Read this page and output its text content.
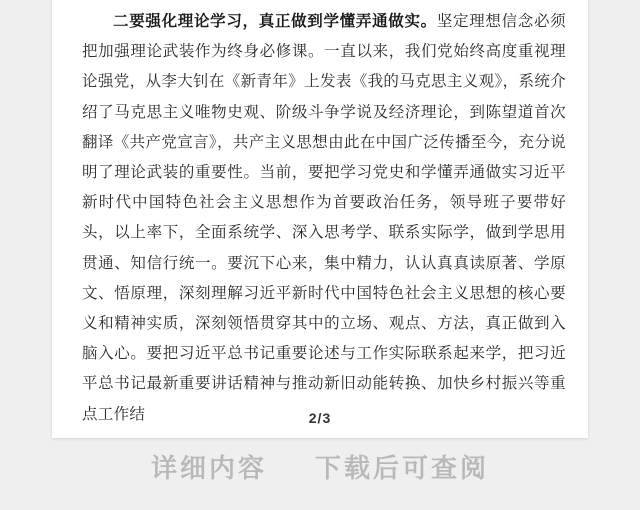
二要强化理论学习，真正做到学懂弄通做实。坚定理想信念必须把加强理论武装作为终身必修课。一直以来，我们党始终高度重视理论强党，从李大钊在《新青年》上发表《我的马克思主义观》，系统介绍了马克思主义唯物史观、阶级斗争学说及经济理论，到陈望道首次翻译《共产党宣言》，共产主义思想由此在中国广泛传播至今，充分说明了理论武装的重要性。当前，要把学习党史和学懂弄通做实习近平新时代中国特色社会主义思想作为首要政治任务，领导班子要带好头，以上率下，全面系统学、深入思考学、联系实际学，做到学思用贯通、知信行统一。要沉下心来，集中精力，认认真真读原著、学原文、悟原理，深刻理解习近平新时代中国特色社会主义思想的核心要义和精神实质，深刻领悟贯穿其中的立场、观点、方法，真正做到入脑入心。要把习近平总书记重要论述与工作实际联系起来学，把习近平总书记最新重要讲话精神与推动新旧动能转换、加快乡村振兴等重点工作结	2/3
详细内容 下载后可查阅
